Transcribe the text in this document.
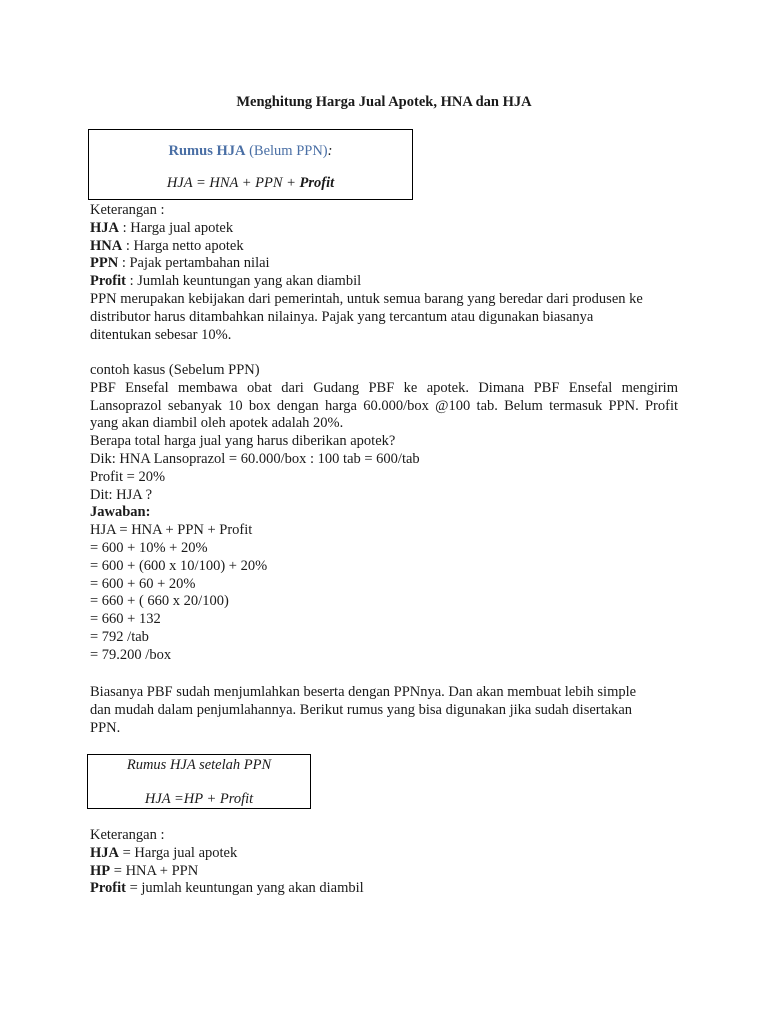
Menghitung Harga Jual Apotek, HNA dan HJA
Rumus HJA (Belum PPN):
HJA = HNA + PPN + Profit
Keterangan :
HJA : Harga jual apotek
HNA : Harga netto apotek
PPN : Pajak pertambahan nilai
Profit : Jumlah keuntungan yang akan diambil
PPN merupakan kebijakan dari pemerintah, untuk semua barang yang beredar dari produsen ke
distributor harus ditambahkan nilainya. Pajak yang tercantum atau digunakan biasanya
ditentukan sebesar 10%.
contoh kasus (Sebelum PPN)
PBF Ensefal membawa obat dari Gudang PBF ke apotek. Dimana PBF Ensefal mengirim
Lansoprazol sebanyak 10 box dengan harga 60.000/box @100 tab. Belum termasuk PPN. Profit
yang akan diambil oleh apotek adalah 20%.
Berapa total harga jual yang harus diberikan apotek?
Dik: HNA Lansoprazol = 60.000/box : 100 tab = 600/tab
Profit = 20%
Dit: HJA ?
Jawaban:
HJA = HNA + PPN + Profit
= 600 + 10% + 20%
= 600 + (600 x 10/100) + 20%
= 600 + 60 + 20%
= 660 + ( 660 x 20/100)
= 660 + 132
= 792 /tab
= 79.200 /box
Biasanya PBF sudah menjumlahkan beserta dengan PPNnya. Dan akan membuat lebih simple
dan mudah dalam penjumlahannya. Berikut rumus yang bisa digunakan jika sudah disertakan
PPN.
Rumus HJA setelah PPN
HJA =HP + Profit
Keterangan :
HJA = Harga jual apotek
HP = HNA + PPN
Profit = jumlah keuntungan yang akan diambil
